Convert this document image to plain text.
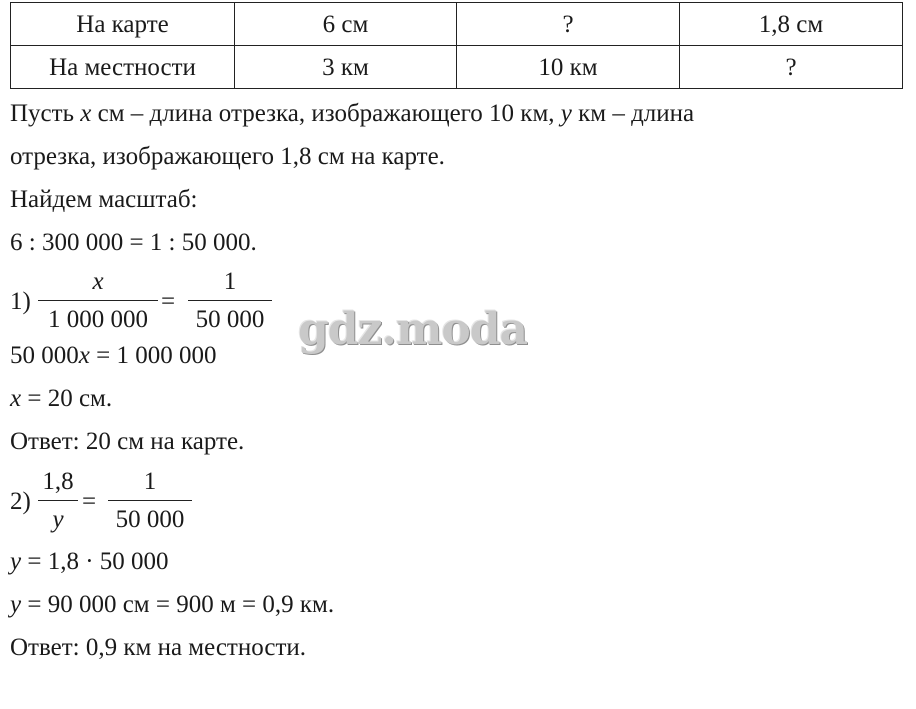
На карте	6 см	?	1,8 см
На местности	3 км	10 км	?
Пусть x см – длина отрезка, изображающего 10 км, y км – длина
отрезка, изображающего 1,8 см на карте.
Найдем масштаб:
6 : 300 000 = 1 : 50 000.
1)
x
1 000 000
=
1
50 000
50 000x = 1 000 000
x = 20 см.
Ответ: 20 см на карте.
2)
1,8
y
=
1
50 000
y = 1,8 · 50 000
y = 90 000 см = 900 м = 0,9 км.
Ответ: 0,9 км на местности.
gdz.moda
